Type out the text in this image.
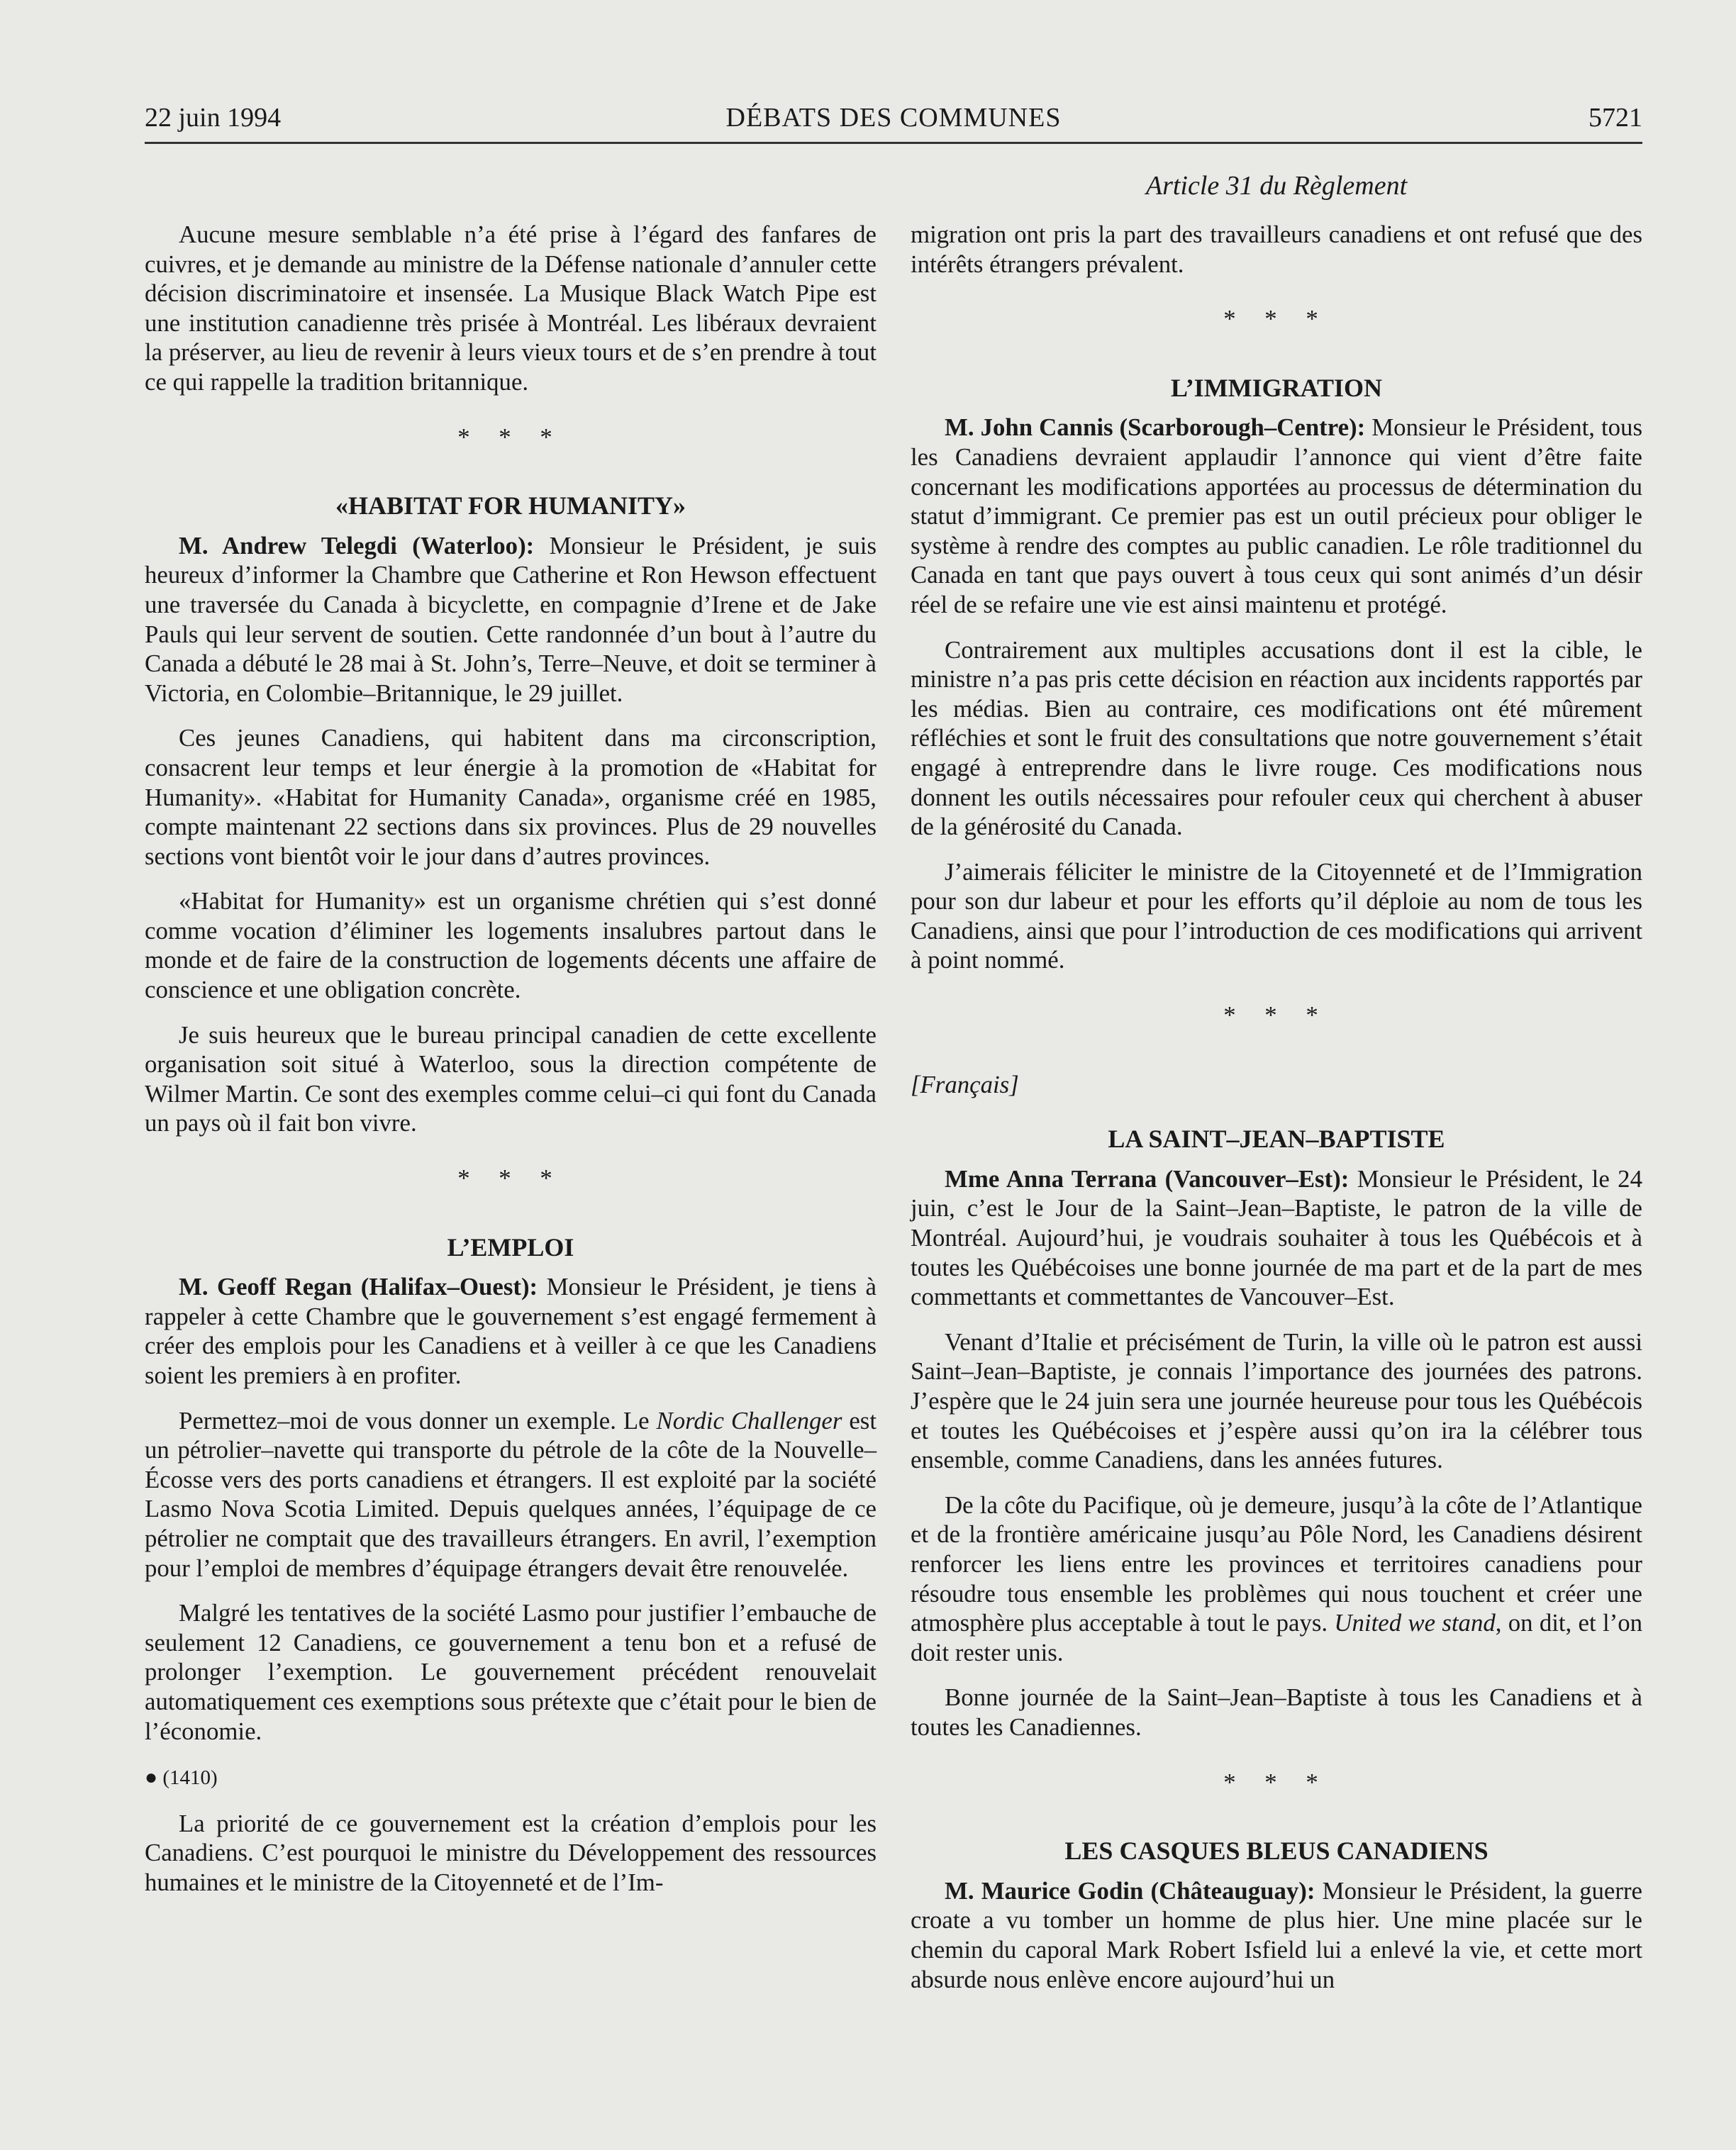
22 juin 1994	DÉBATS DES COMMUNES	5721
Article 31 du Règlement

Aucune mesure semblable n’a été prise à l’égard des fanfares de cuivres, et je demande au ministre de la Défense nationale d’annuler cette décision discriminatoire et insensée. La Musique Black Watch Pipe est une institution canadienne très prisée à Montréal. Les libéraux devraient la préserver, au lieu de revenir à leurs vieux tours et de s’en prendre à tout ce qui rappelle la tradition britannique.

* * *
«HABITAT FOR HUMANITY»

M. Andrew Telegdi (Waterloo): Monsieur le Président, je suis heureux d’informer la Chambre que Catherine et Ron Hewson effectuent une traversée du Canada à bicyclette, en compagnie d’Irene et de Jake Pauls qui leur servent de soutien. Cette randonnée d’un bout à l’autre du Canada a débuté le 28 mai à St. John’s, Terre–Neuve, et doit se terminer à Victoria, en Colombie–Britannique, le 29 juillet.

Ces jeunes Canadiens, qui habitent dans ma circonscription, consacrent leur temps et leur énergie à la promotion de «Habitat for Humanity». «Habitat for Humanity Canada», organisme créé en 1985, compte maintenant 22 sections dans six provinces. Plus de 29 nouvelles sections vont bientôt voir le jour dans d’autres provinces.

«Habitat for Humanity» est un organisme chrétien qui s’est donné comme vocation d’éliminer les logements insalubres partout dans le monde et de faire de la construction de logements décents une affaire de conscience et une obligation concrète.

Je suis heureux que le bureau principal canadien de cette excellente organisation soit situé à Waterloo, sous la direction compétente de Wilmer Martin. Ce sont des exemples comme celui–ci qui font du Canada un pays où il fait bon vivre.

* * *
L’EMPLOI

M. Geoff Regan (Halifax–Ouest): Monsieur le Président, je tiens à rappeler à cette Chambre que le gouvernement s’est engagé fermement à créer des emplois pour les Canadiens et à veiller à ce que les Canadiens soient les premiers à en profiter.

Permettez–moi de vous donner un exemple. Le Nordic Challenger est un pétrolier–navette qui transporte du pétrole de la côte de la Nouvelle–Écosse vers des ports canadiens et étrangers. Il est exploité par la société Lasmo Nova Scotia Limited. Depuis quelques années, l’équipage de ce pétrolier ne comptait que des travailleurs étrangers. En avril, l’exemption pour l’emploi de membres d’équipage étrangers devait être renouvelée.

Malgré les tentatives de la société Lasmo pour justifier l’embauche de seulement 12 Canadiens, ce gouvernement a tenu bon et a refusé de prolonger l’exemption. Le gouvernement précédent renouvelait automatiquement ces exemptions sous prétexte que c’était pour le bien de l’économie.

● (1410)

La priorité de ce gouvernement est la création d’emplois pour les Canadiens. C’est pourquoi le ministre du Développement des ressources humaines et le ministre de la Citoyenneté et de l’Im-

migration ont pris la part des travailleurs canadiens et ont refusé que des intérêts étrangers prévalent.

* * *
L’IMMIGRATION

M. John Cannis (Scarborough–Centre): Monsieur le Président, tous les Canadiens devraient applaudir l’annonce qui vient d’être faite concernant les modifications apportées au processus de détermination du statut d’immigrant. Ce premier pas est un outil précieux pour obliger le système à rendre des comptes au public canadien. Le rôle traditionnel du Canada en tant que pays ouvert à tous ceux qui sont animés d’un désir réel de se refaire une vie est ainsi maintenu et protégé.

Contrairement aux multiples accusations dont il est la cible, le ministre n’a pas pris cette décision en réaction aux incidents rapportés par les médias. Bien au contraire, ces modifications ont été mûrement réfléchies et sont le fruit des consultations que notre gouvernement s’était engagé à entreprendre dans le livre rouge. Ces modifications nous donnent les outils nécessaires pour refouler ceux qui cherchent à abuser de la générosité du Canada.

J’aimerais féliciter le ministre de la Citoyenneté et de l’Immigration pour son dur labeur et pour les efforts qu’il déploie au nom de tous les Canadiens, ainsi que pour l’introduction de ces modifications qui arrivent à point nommé.

* * *
[Français]
LA SAINT–JEAN–BAPTISTE

Mme Anna Terrana (Vancouver–Est): Monsieur le Président, le 24 juin, c’est le Jour de la Saint–Jean–Baptiste, le patron de la ville de Montréal. Aujourd’hui, je voudrais souhaiter à tous les Québécois et à toutes les Québécoises une bonne journée de ma part et de la part de mes commettants et commettantes de Vancouver–Est.

Venant d’Italie et précisément de Turin, la ville où le patron est aussi Saint–Jean–Baptiste, je connais l’importance des journées des patrons. J’espère que le 24 juin sera une journée heureuse pour tous les Québécois et toutes les Québécoises et j’espère aussi qu’on ira la célébrer tous ensemble, comme Canadiens, dans les années futures.

De la côte du Pacifique, où je demeure, jusqu’à la côte de l’Atlantique et de la frontière américaine jusqu’au Pôle Nord, les Canadiens désirent renforcer les liens entre les provinces et territoires canadiens pour résoudre tous ensemble les problèmes qui nous touchent et créer une atmosphère plus acceptable à tout le pays. United we stand, on dit, et l’on doit rester unis.

Bonne journée de la Saint–Jean–Baptiste à tous les Canadiens et à toutes les Canadiennes.

* * *
LES CASQUES BLEUS CANADIENS

M. Maurice Godin (Châteauguay): Monsieur le Président, la guerre croate a vu tomber un homme de plus hier. Une mine placée sur le chemin du caporal Mark Robert Isfield lui a enlevé la vie, et cette mort absurde nous enlève encore aujourd’hui un
